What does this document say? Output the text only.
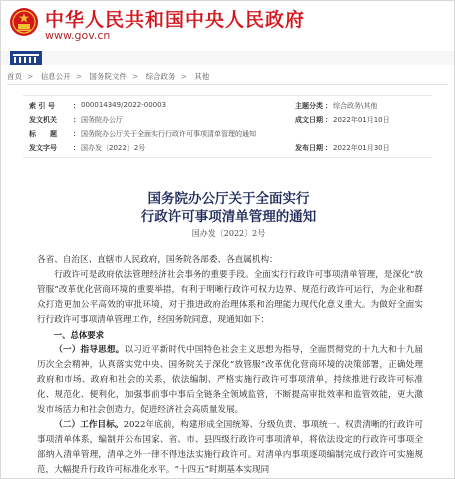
中华人民共和国中央人民政府
www.gov.cn
首页 > 信息公开 > 国务院文件 > 综合政务 > 其他
索 引 号	： 000014349/2022-00003	主题分类 ： 综合政务\其他
发文机关	： 国务院办公厅	成文日期 ： 2022年01月10日
标　　题	： 国务院办公厅关于全面实行行政许可事项清单管理的通知
发文字号	： 国办发〔2022〕2号	发布日期 ： 2022年01月30日
国务院办公厅关于全面实行
行政许可事项清单管理的通知
国办发〔2022〕2号

各省、自治区、直辖市人民政府，国务院各部委、各直属机构：

行政许可是政府依法管理经济社会事务的重要手段。全面实行行政许可事项清单管理，是深化“放管服”改革优化营商环境的重要举措，有利于明晰行政许可权力边界、规范行政许可运行，为企业和群众打造更加公平高效的审批环境，对于推进政府治理体系和治理能力现代化意义重大。为做好全面实行行政许可事项清单管理工作，经国务院同意，现通知如下：

一、总体要求

（一）指导思想。以习近平新时代中国特色社会主义思想为指导，全面贯彻党的十九大和十九届历次全会精神，认真落实党中央、国务院关于深化“放管服”改革优化营商环境的决策部署，正确处理政府和市场、政府和社会的关系，依法编制、严格实施行政许可事项清单，持续推进行政许可标准化、规范化、便利化，加强事前事中事后全链条全领域监管，不断提高审批效率和监管效能，更大激发市场活力和社会创造力，促进经济社会高质量发展。

（二）工作目标。2022年底前，构建形成全国统筹、分级负责、事项统一、权责清晰的行政许可事项清单体系，编制并公布国家、省、市、县四级行政许可事项清单，将依法设定的行政许可事项全部纳入清单管理，清单之外一律不得违法实施行政许可。对清单内事项逐项编制完成行政许可实施规范，大幅提升行政许可标准化水平。“十四五”时期基本实现同
